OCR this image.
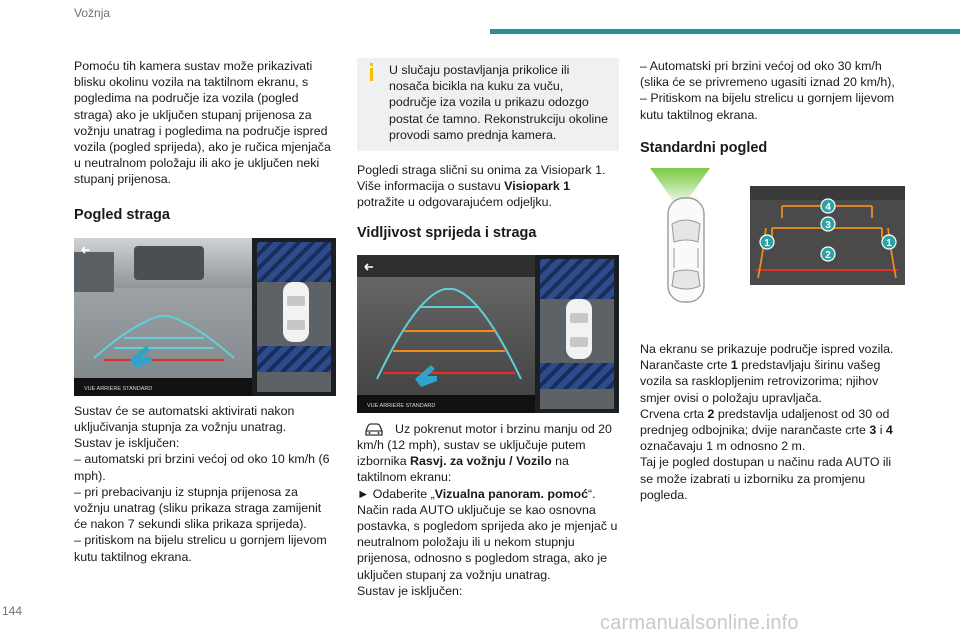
Vožnja

Pomoću tih kamera sustav može prikazivati blisku okolinu vozila na taktilnom ekranu, s pogledima na područje iza vozila (pogled straga) ako je uključen stupanj prijenosa za vožnju unatrag i pogledima na područje ispred vozila (pogled sprijeda), ako je ručica mjenjača u neutralnom položaju ili ako je uključen neki stupanj prijenosa.

Pogled straga
VUE ARRIERE STANDARD

Sustav će se automatski aktivirati nakon uključivanja stupnja za vožnju unatrag.

Sustav je isključen:

– automatski pri brzini većoj od oko 10 km/h (6 mph).

– pri prebacivanju iz stupnja prijenosa za vožnju unatrag (sliku prikaza straga zamijenit će nakon 7 sekundi slika prikaza sprijeda).

– pritiskom na bijelu strelicu u gornjem lijevom kutu taktilnog ekrana.

U slučaju postavljanja prikolice ili nosača bicikla na kuku za vuču, područje iza vozila u prikazu odozgo postat će tamno. Rekonstrukciju okoline provodi samo prednja kamera.

Pogledi straga slični su onima za Visiopark 1. Više informacija o sustavu Visiopark 1 potražite u odgovarajućem odjeljku.

Vidljivost sprijeda i straga
VUE ARRIERE STANDARD

Uz pokrenut motor i brzinu manju od 20 km/h (12 mph), sustav se uključuje putem izbornika Rasvj. za vožnju / Vozilo na taktilnom ekranu:

► Odaberite „Vizualna panoram. pomoć“.

Način rada AUTO uključuje se kao osnovna postavka, s pogledom sprijeda ako je mjenjač u neutralnom položaju ili u nekom stupnju prijenosa, odnosno s pogledom straga, ako je uključen stupanj za vožnju unatrag.

Sustav je isključen:

– Automatski pri brzini većoj od oko 30 km/h (slika će se privremeno ugasiti iznad 20 km/h),

– Pritiskom na bijelu strelicu u gornjem lijevom kutu taktilnog ekrana.

Standardni pogled
4
3
1	1
2

Na ekranu se prikazuje područje ispred vozila.

Narančaste crte 1 predstavljaju širinu vašeg vozila sa rasklopljenim retrovizorima; njihov smjer ovisi o položaju upravljača.

Crvena crta 2 predstavlja udaljenost od 30 od prednjeg odbojnika; dvije narančaste crte 3 i 4 označavaju 1 m odnosno 2 m.

Taj je pogled dostupan u načinu rada AUTO ili se može izabrati u izborniku za promjenu pogleda.

144
carmanualsonline.info
